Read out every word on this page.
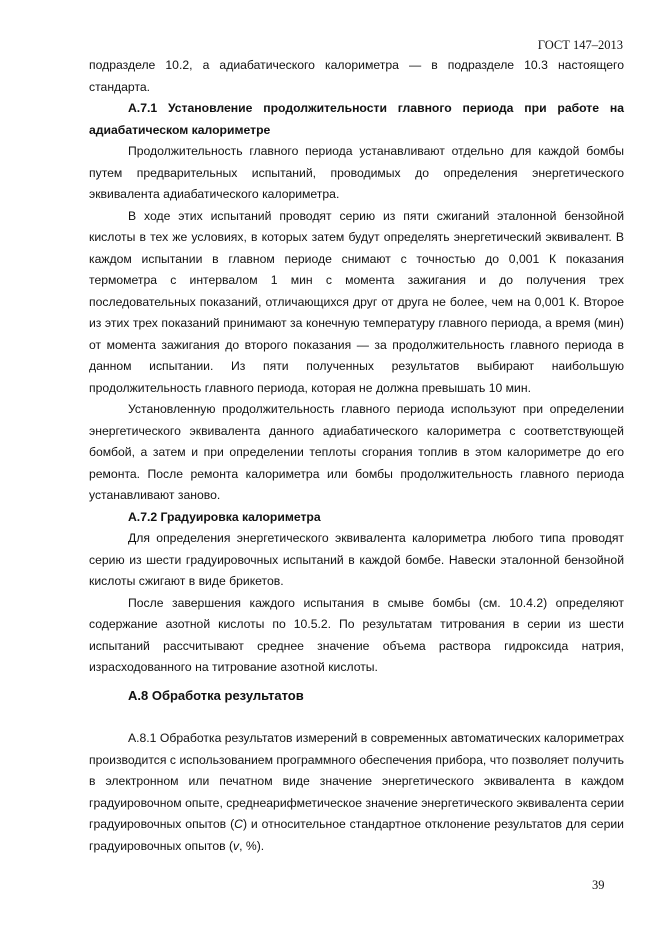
ГОСТ 147–2013

подразделе 10.2, а адиабатического калориметра — в подразделе 10.3 настоящего стандарта.

А.7.1 Установление продолжительности главного периода при работе на адиабатическом калориметре

Продолжительность главного периода устанавливают отдельно для каждой бомбы путем предварительных испытаний, проводимых до определения энергетического эквивалента адиабатического калориметра.

В ходе этих испытаний проводят серию из пяти сжиганий эталонной бензойной кислоты в тех же условиях, в которых затем будут определять энергетический эквивалент. В каждом испытании в главном периоде снимают с точностью до 0,001 К показания термометра с интервалом 1 мин с момента зажигания и до получения трех последовательных показаний, отличающихся друг от друга не более, чем на 0,001 К. Второе из этих трех показаний принимают за конечную температуру главного периода, а время (мин) от момента зажигания до второго показания — за продолжительность главного периода в данном испытании. Из пяти полученных результатов выбирают наибольшую продолжительность главного периода, которая не должна превышать 10 мин.

Установленную продолжительность главного периода используют при определении энергетического эквивалента данного адиабатического калориметра с соответствующей бомбой, а затем и при определении теплоты сгорания топлив в этом калориметре до его ремонта. После ремонта калориметра или бомбы продолжительность главного периода устанавливают заново.

А.7.2 Градуировка калориметра

Для определения энергетического эквивалента калориметра любого типа проводят серию из шести градуировочных испытаний в каждой бомбе. Навески эталонной бензойной кислоты сжигают в виде брикетов.

После завершения каждого испытания в смыве бомбы (см. 10.4.2) определяют содержание азотной кислоты по 10.5.2. По результатам титрования в серии из шести испытаний рассчитывают среднее значение объема раствора гидроксида натрия, израсходованного на титрование азотной кислоты.

А.8 Обработка результатов

А.8.1 Обработка результатов измерений в современных автоматических калориметрах производится с использованием программного обеспечения прибора, что позволяет получить в электронном или печатном виде значение энергетического эквивалента в каждом градуировочном опыте, среднеарифметическое значение энергетического эквивалента серии градуировочных опытов (С) и относительное стандартное отклонение результатов для серии градуировочных опытов (v, %).

39
